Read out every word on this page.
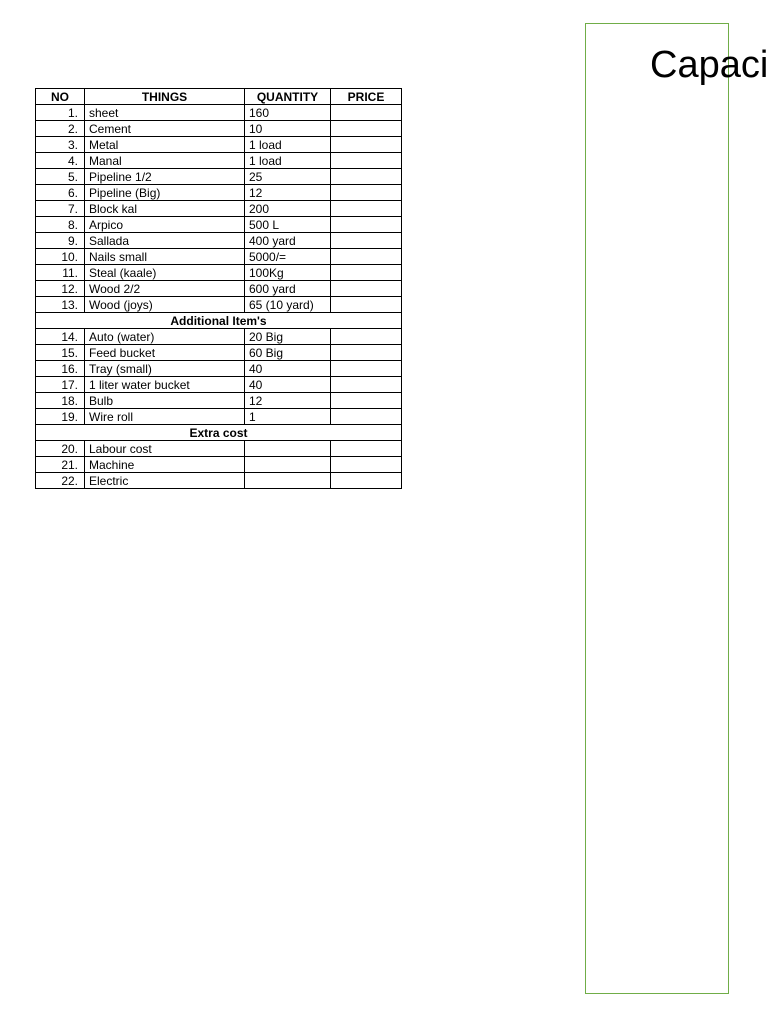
NO	THINGS	QUANTITY	PRICE
1.	sheet	160	
2.	Cement	10	
3.	Metal	1 load	
4.	Manal	1 load	
5.	Pipeline 1/2	25	
6.	Pipeline (Big)	12	
7.	Block kal	200	
8.	Arpico	500 L	
9.	Sallada	400 yard	
10.	Nails small	5000/=	
11.	Steal (kaale)	100Kg	
12.	Wood 2/2	600 yard	
13.	Wood (joys)	65 (10 yard)	
Additional Item's			
14.	Auto (water)	20 Big	
15.	Feed bucket	60 Big	
16.	Tray (small)	40	
17.	1 liter water bucket	40	
18.	Bulb	12	
19.	Wire roll	1	
Extra cost			
20.	Labour cost		
21.	Machine		
22.	Electric		
Capaci
